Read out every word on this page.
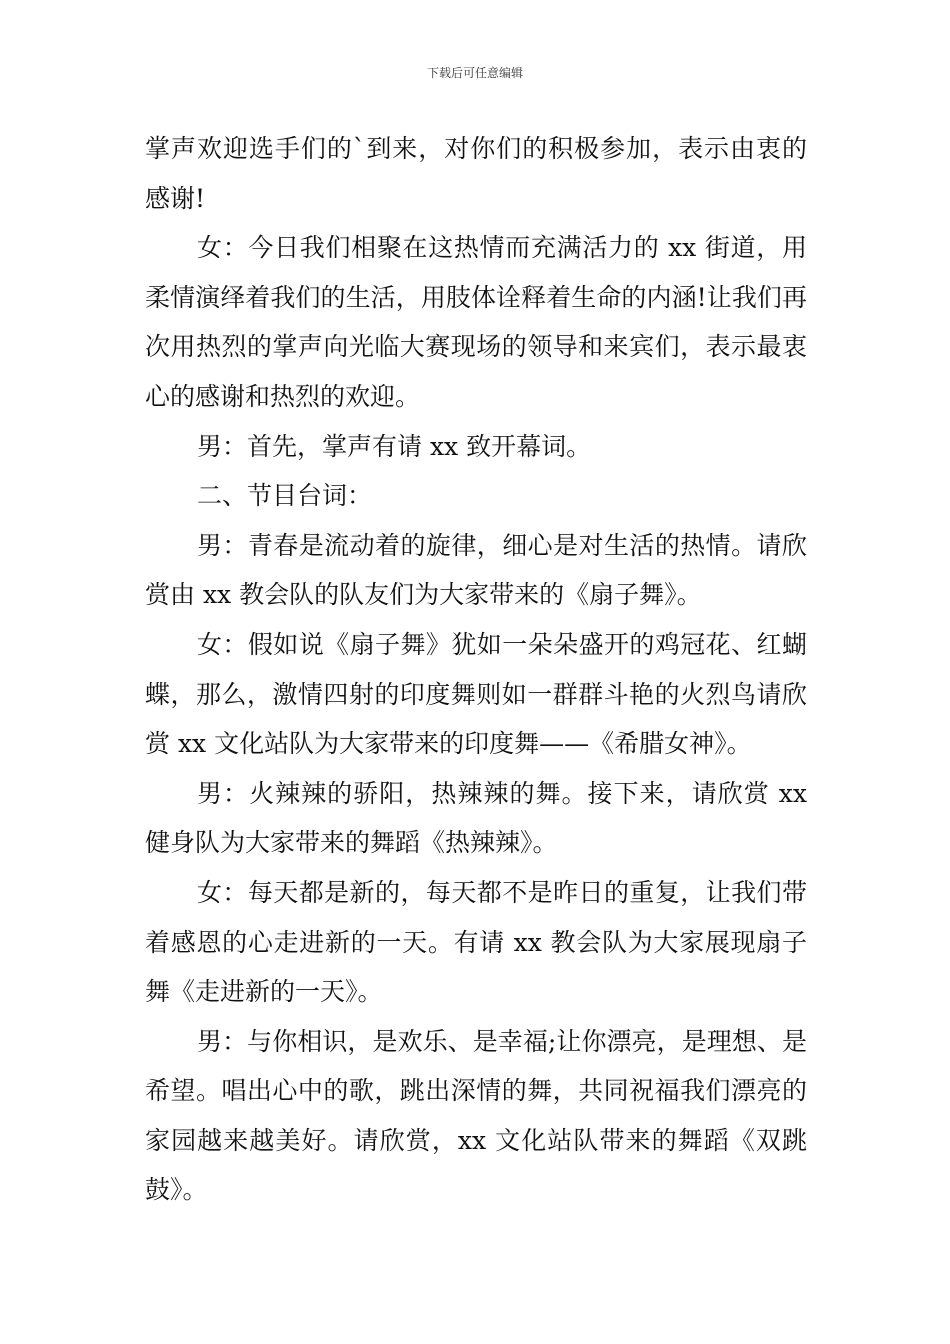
下载后可任意编辑

掌声欢迎选手们的`到来，对你们的积极参加，表示由衷的感谢!

女：今日我们相聚在这热情而充满活力的 xx 街道，用柔情演绎着我们的生活，用肢体诠释着生命的内涵!让我们再次用热烈的掌声向光临大赛现场的领导和来宾们，表示最衷心的感谢和热烈的欢迎。

男：首先，掌声有请 xx 致开幕词。

二、节目台词：

男：青春是流动着的旋律，细心是对生活的热情。请欣赏由 xx 教会队的队友们为大家带来的《扇子舞》。

女：假如说《扇子舞》犹如一朵朵盛开的鸡冠花、红蝴蝶，那么，激情四射的印度舞则如一群群斗艳的火烈鸟请欣赏 xx 文化站队为大家带来的印度舞——《希腊女神》。

男：火辣辣的骄阳，热辣辣的舞。接下来，请欣赏 xx 健身队为大家带来的舞蹈《热辣辣》。

女：每天都是新的，每天都不是昨日的重复，让我们带着感恩的心走进新的一天。有请 xx 教会队为大家展现扇子舞《走进新的一天》。

男：与你相识，是欢乐、是幸福;让你漂亮，是理想、是希望。唱出心中的歌，跳出深情的舞，共同祝福我们漂亮的家园越来越美好。请欣赏，xx 文化站队带来的舞蹈《双跳鼓》。
